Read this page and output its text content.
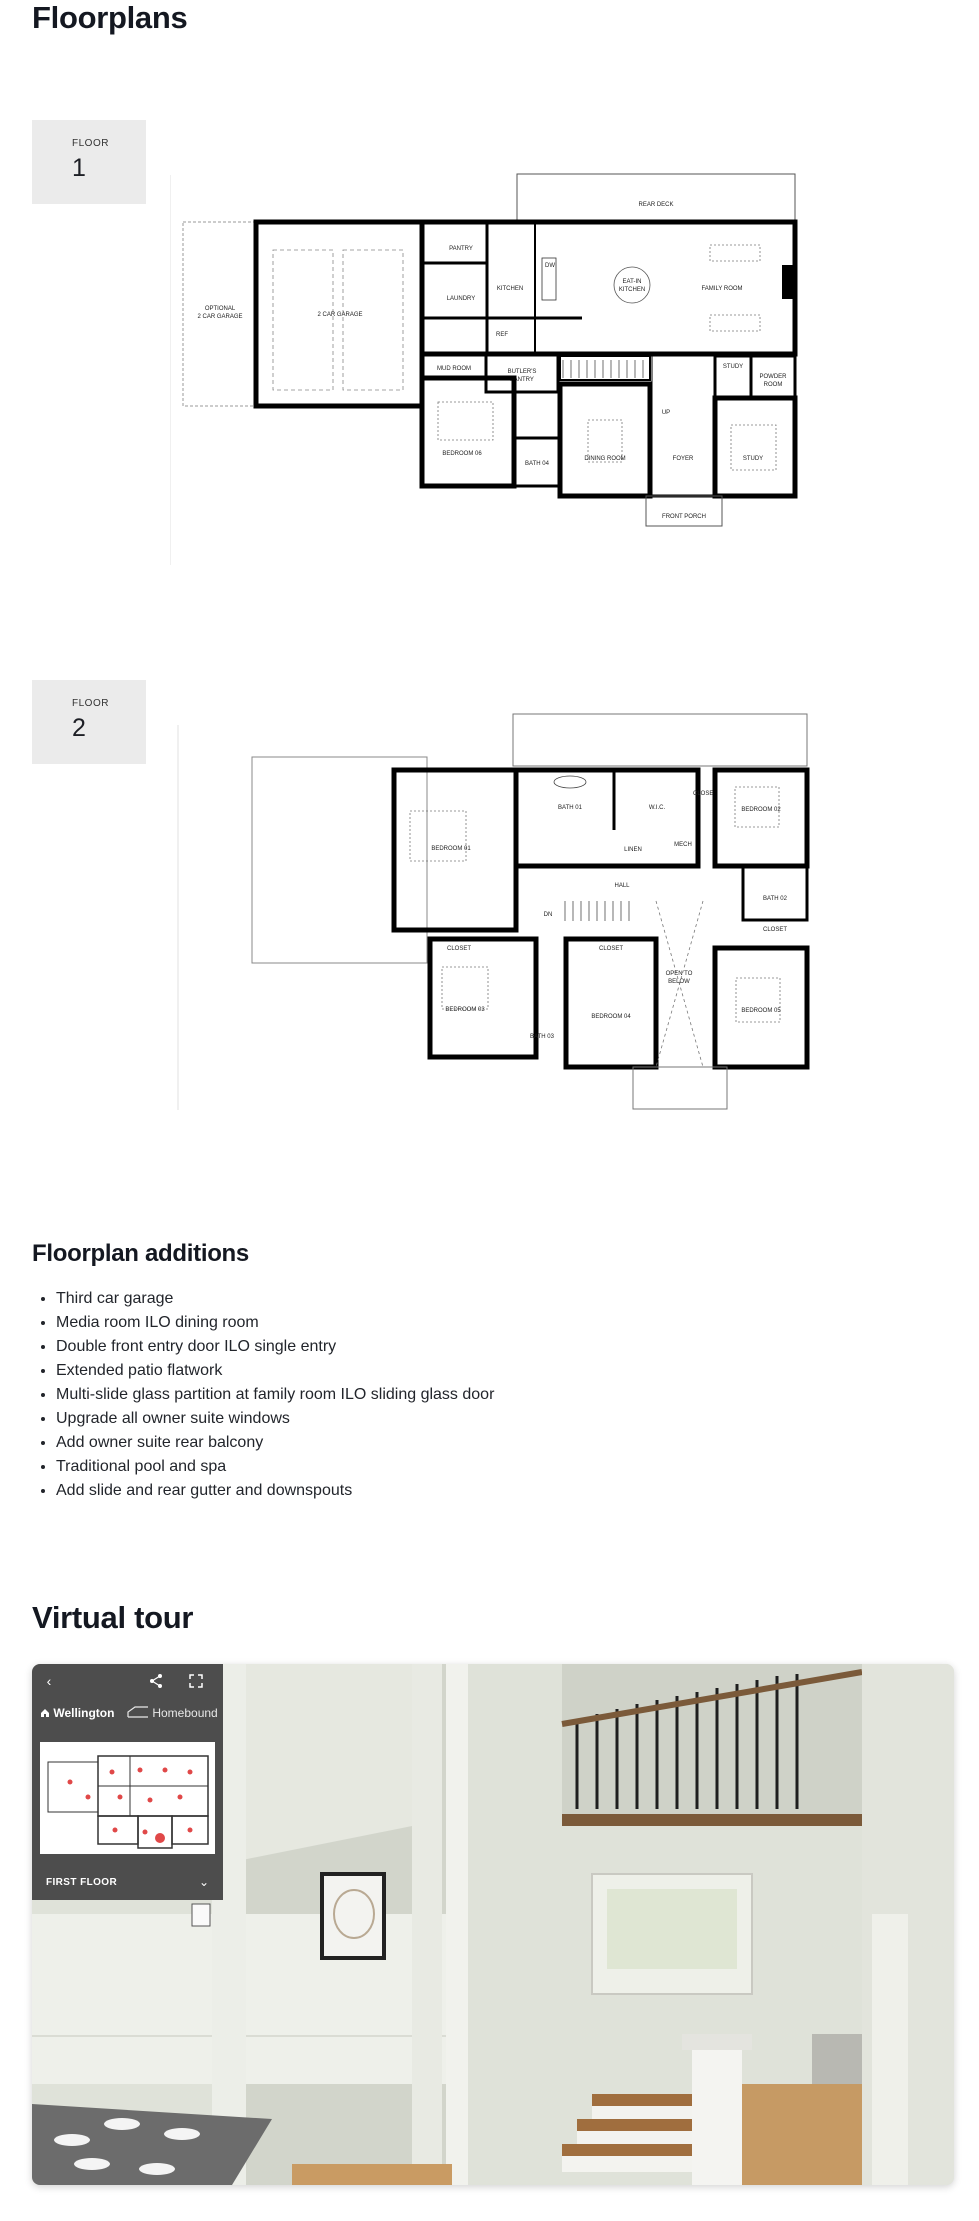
Floorplans
FLOOR
1
REAR DECK
OPTIONAL
2 CAR GARAGE	2 CAR GARAGE
PANTRY
LAUNDRY
KITCHEN
DW
REF
EAT-IN
KITCHEN	FAMILY ROOM
MUD ROOM	BUTLER'S
PANTRY
UP
BEDROOM 06
BATH 04
DINING ROOM	FOYER	STUDY
STUDY
POWDER
ROOM
FRONT PORCH
FLOOR
2
BEDROOM 01
BATH 01	W.I.C.
CLOSET
BEDROOM 02
LINEN
MECH
HALL
DN
BATH 02
CLOSET
CLOSET
BEDROOM 03
BATH 03
CLOSET
BEDROOM 04
OPEN TO
BELOW
BEDROOM 05
Floorplan additions
• Third car garage
• Media room ILO dining room
• Double front entry door ILO single entry
• Extended patio flatwork
• Multi-slide glass partition at family room ILO sliding glass door
• Upgrade all owner suite windows
• Add owner suite rear balcony
• Traditional pool and spa
• Add slide and rear gutter and downspouts
Virtual tour
‹
Wellington	Homebound
FIRST FLOOR	⌄
